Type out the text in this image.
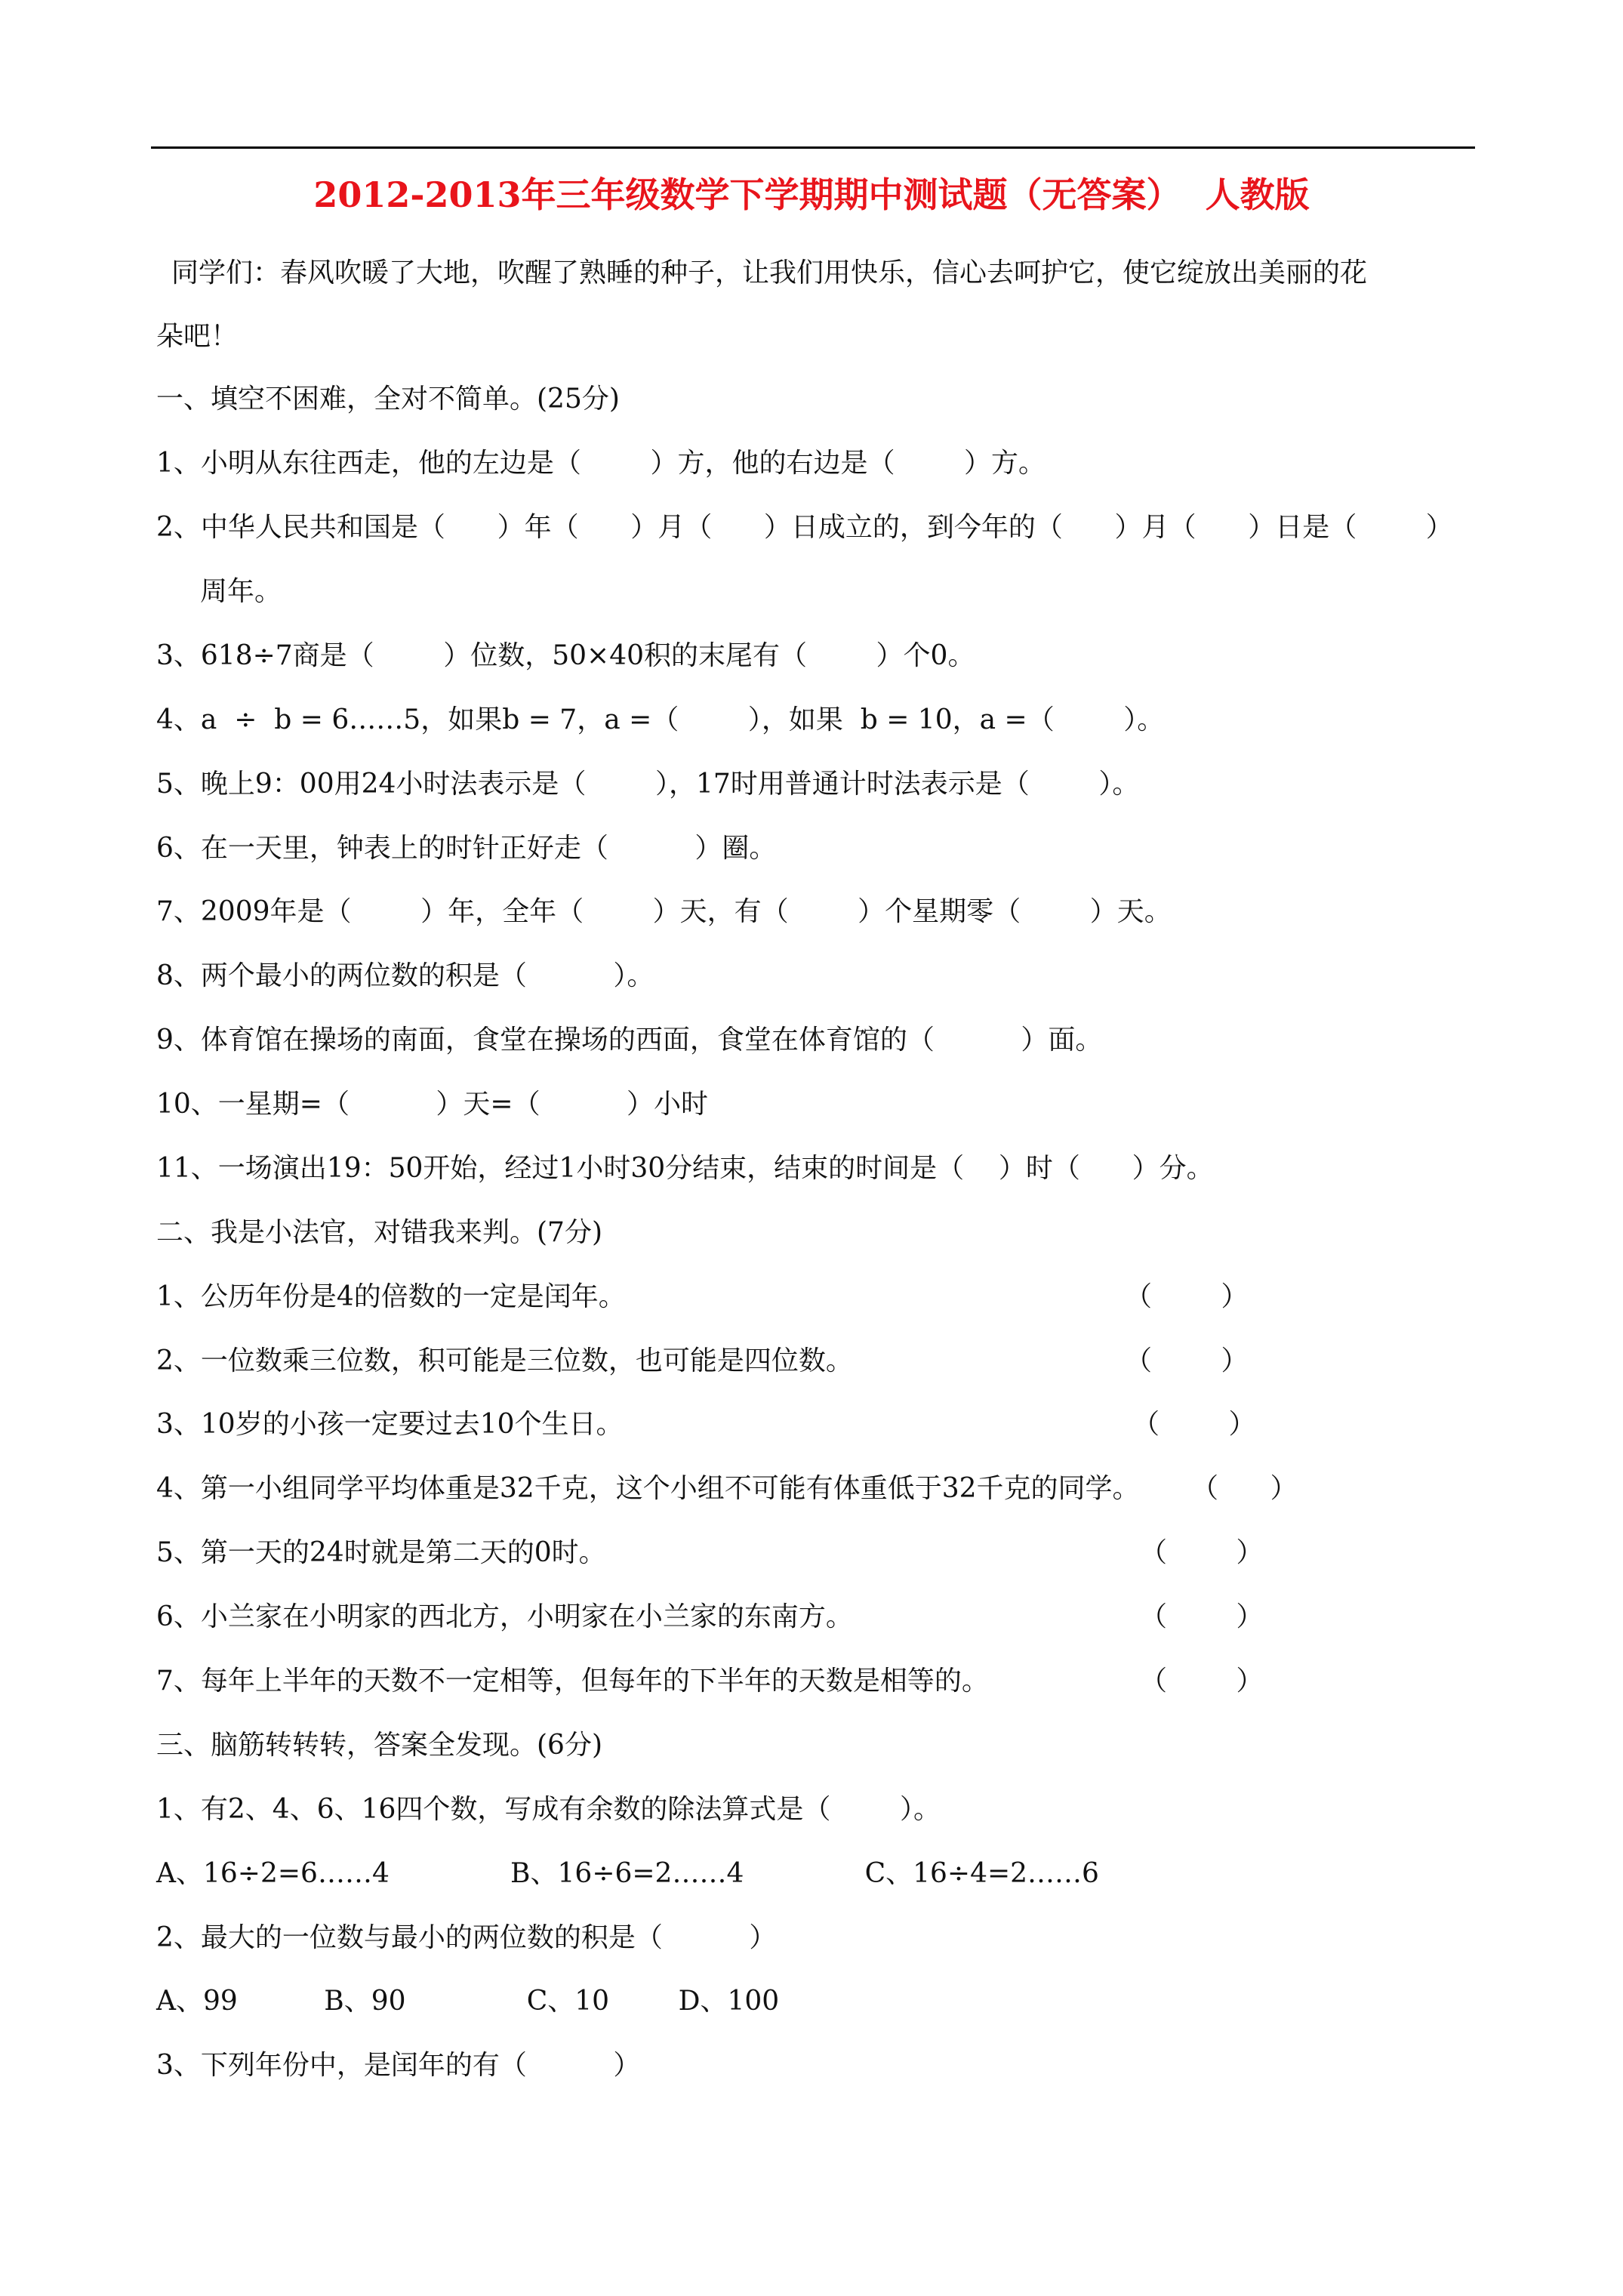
2012-2013年三年级数学下学期期中测试题（无答案）  人教版
同学们：春风吹暖了大地，吹醒了熟睡的种子，让我们用快乐，信心去呵护它，使它绽放出美丽的花
朵吧！
一、填空不困难，全对不简单。(25分)
1、小明从东往西走，他的左边是（        ）方，他的右边是（        ）方。
2、中华人民共和国是（      ）年（      ）月（      ）日成立的，到今年的（      ）月（      ）日是（        ）
周年。
3、618÷7商是（        ）位数，50×40积的末尾有（        ）个0。
4、a  ÷  b = 6……5，如果b = 7，a =（        ），如果  b = 10，a =（        ）。
5、晚上9：00用24小时法表示是（        ），17时用普通计时法表示是（        ）。
6、在一天里，钟表上的时针正好走（          ）圈。
7、2009年是（        ）年，全年（        ）天，有（        ）个星期零（        ）天。
8、两个最小的两位数的积是（          ）。
9、体育馆在操场的南面，食堂在操场的西面，食堂在体育馆的（          ）面。
10、一星期=（          ）天=（          ）小时
11、一场演出19：50开始，经过1小时30分结束，结束的时间是（    ）时（      ）分。
二、我是小法官，对错我来判。(7分)
1、公历年份是4的倍数的一定是闰年。	（        ）
2、一位数乘三位数，积可能是三位数，也可能是四位数。	（        ）
3、10岁的小孩一定要过去10个生日。	（        ）
4、第一小组同学平均体重是32千克，这个小组不可能有体重低于32千克的同学。 （      ）
5、第一天的24时就是第二天的0时。	（        ）
6、小兰家在小明家的西北方，小明家在小兰家的东南方。	（        ）
7、每年上半年的天数不一定相等，但每年的下半年的天数是相等的。	（        ）
三、脑筋转转转，答案全发现。(6分)
1、有2、4、6、16四个数，写成有余数的除法算式是（        ）。
A、16÷2=6……4              B、16÷6=2……4              C、16÷4=2……6
2、最大的一位数与最小的两位数的积是（          ）
A、99          B、90              C、10        D、100
3、下列年份中，是闰年的有（          ）
